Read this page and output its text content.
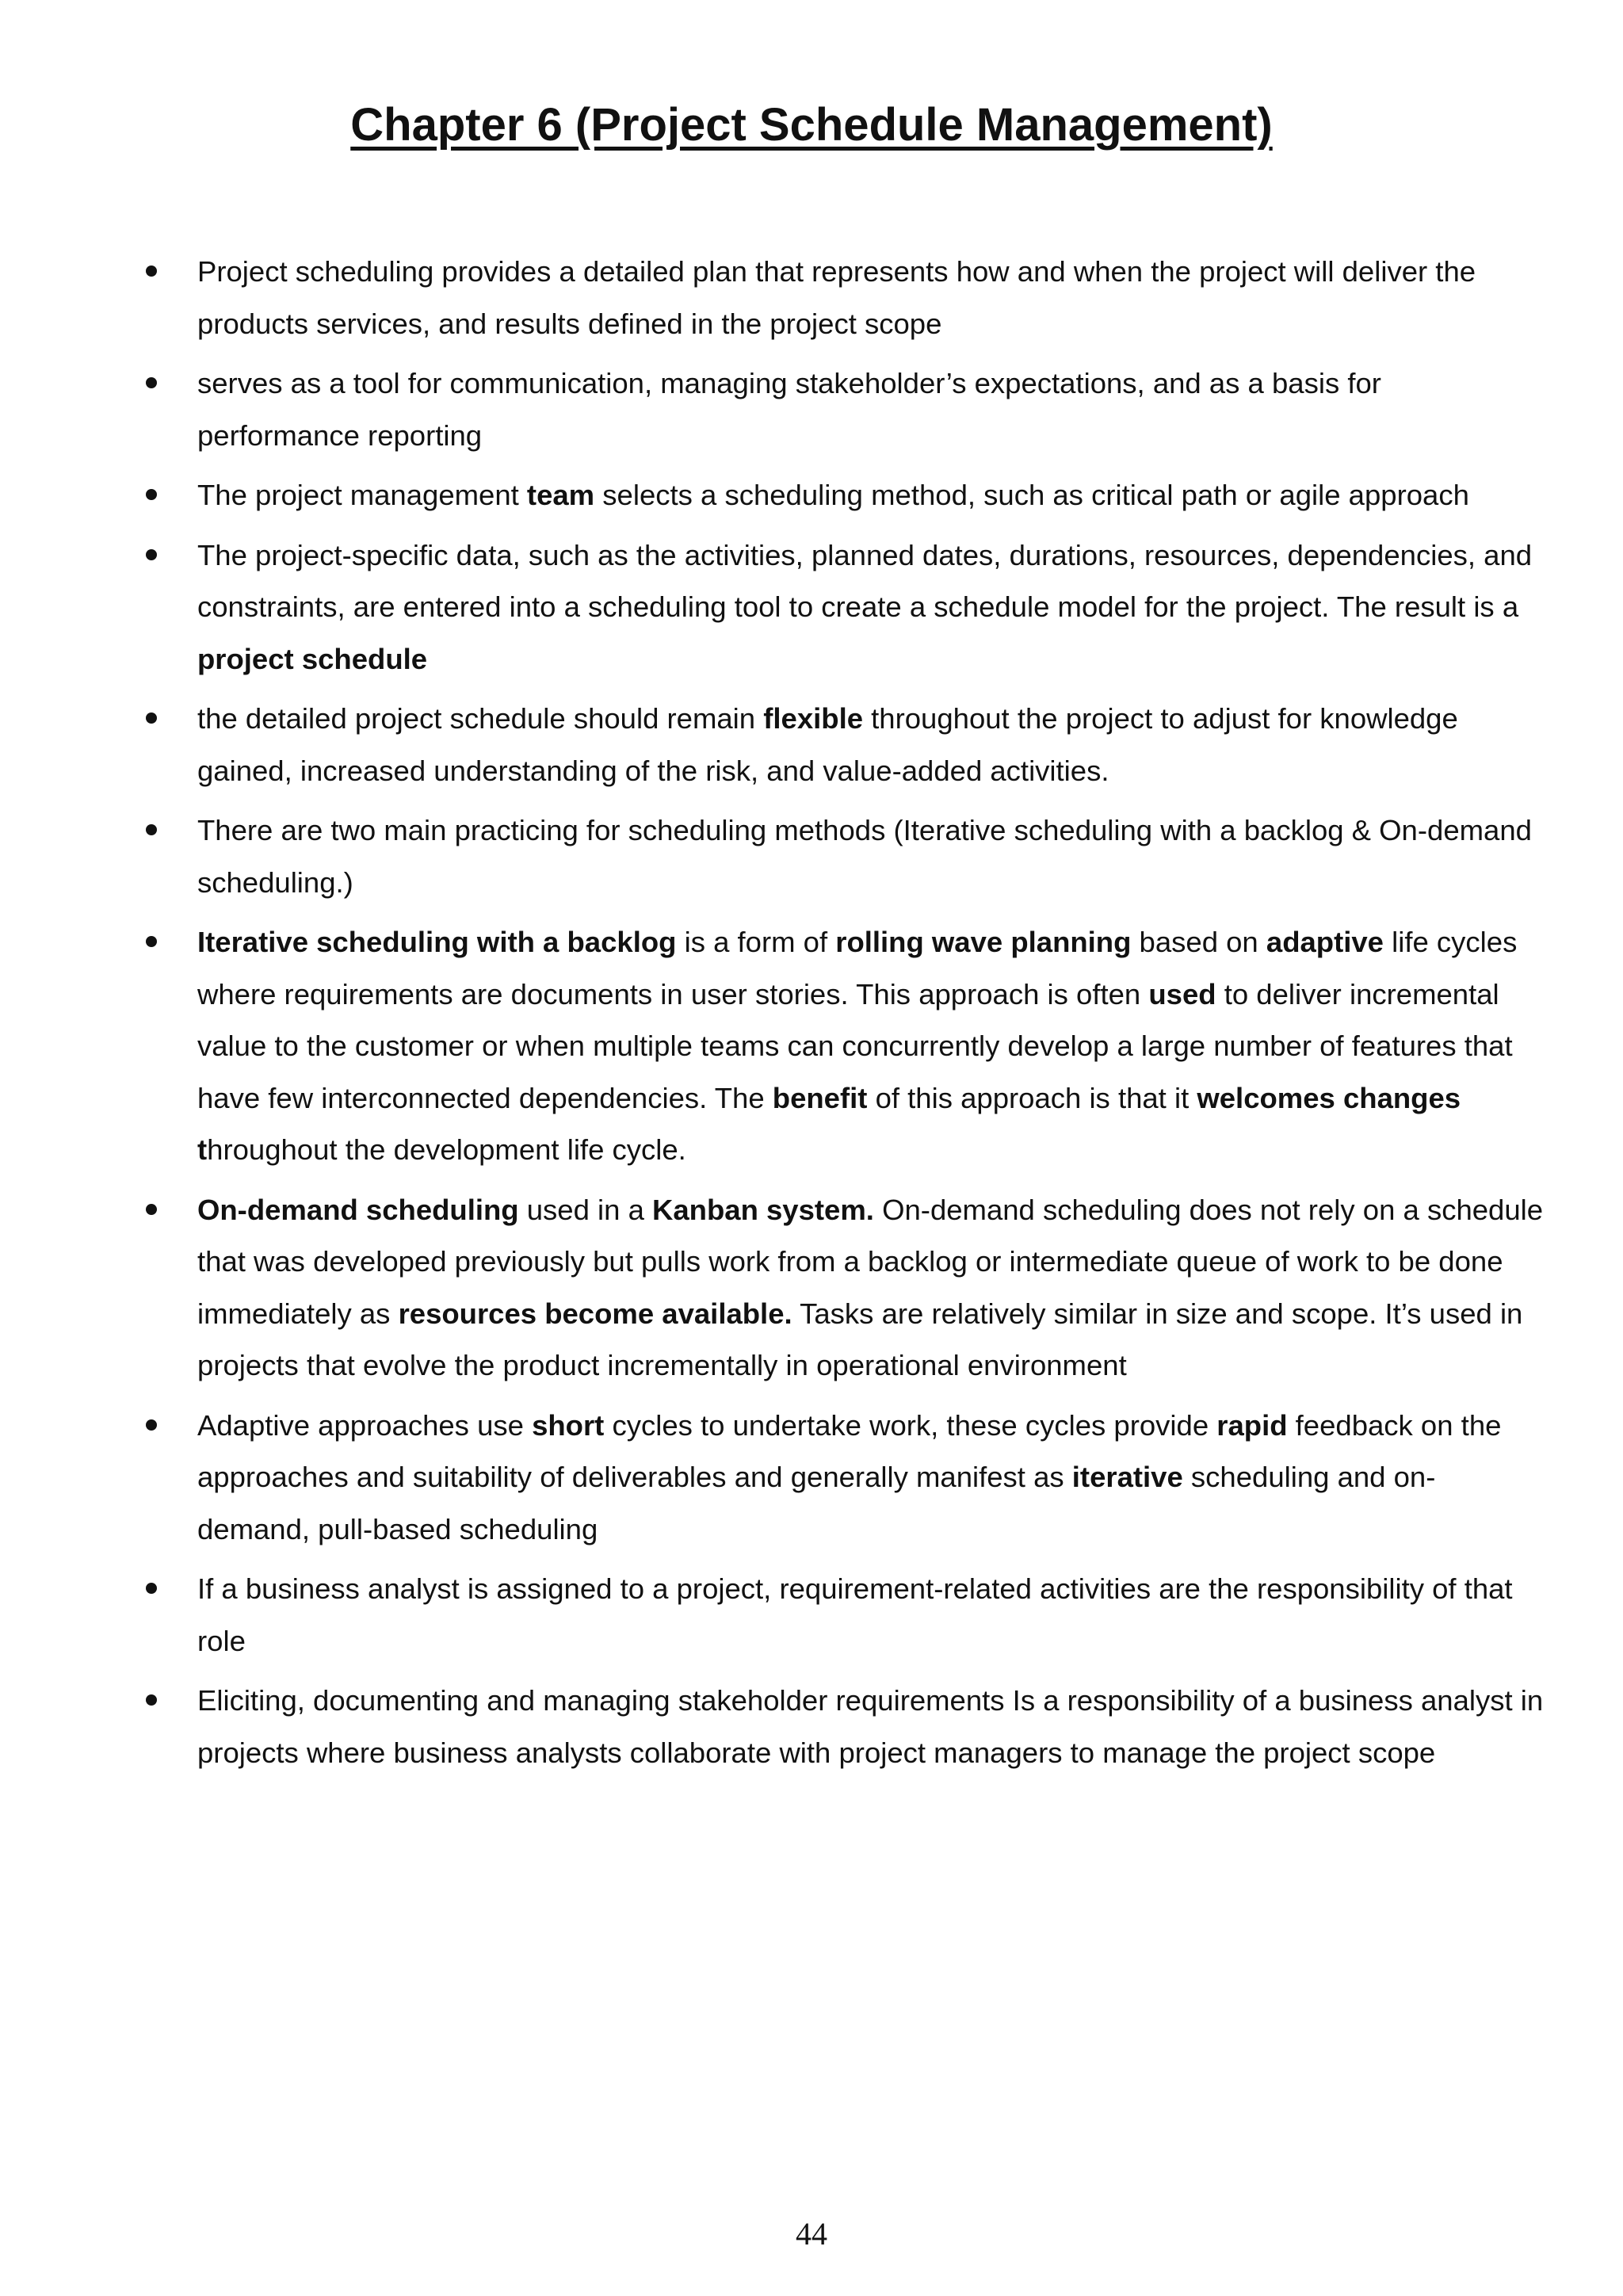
Chapter 6 (Project Schedule Management)
Project scheduling provides a detailed plan that represents how and when the project will deliver the products services, and results defined in the project scope
serves as a tool for communication, managing stakeholder’s expectations, and as a basis for performance reporting
The project management team selects a scheduling method, such as critical path or agile approach
The project-specific data, such as the activities, planned dates, durations, resources, dependencies, and constraints, are entered into a scheduling tool to create a schedule model for the project. The result is a project schedule
the detailed project schedule should remain flexible throughout the project to adjust for knowledge gained, increased understanding of the risk, and value-added activities.
There are two main practicing for scheduling methods (Iterative scheduling with a backlog & On-demand scheduling.)
Iterative scheduling with a backlog is a form of rolling wave planning based on adaptive life cycles where requirements are documents in user stories. This approach is often used to deliver incremental value to the customer or when multiple teams can concurrently develop a large number of features that have few interconnected dependencies. The benefit of this approach is that it welcomes changes throughout the development life cycle.
On-demand scheduling used in a Kanban system. On-demand scheduling does not rely on a schedule that was developed previously but pulls work from a backlog or intermediate queue of work to be done immediately as resources become available. Tasks are relatively similar in size and scope. It’s used in projects that evolve the product incrementally in operational environment
Adaptive approaches use short cycles to undertake work, these cycles provide rapid feedback on the approaches and suitability of deliverables and generally manifest as iterative scheduling and on-demand, pull-based scheduling
If a business analyst is assigned to a project, requirement-related activities are the responsibility of that role
Eliciting, documenting and managing stakeholder requirements Is a responsibility of a business analyst in projects where business analysts collaborate with project managers to manage the project scope
44
